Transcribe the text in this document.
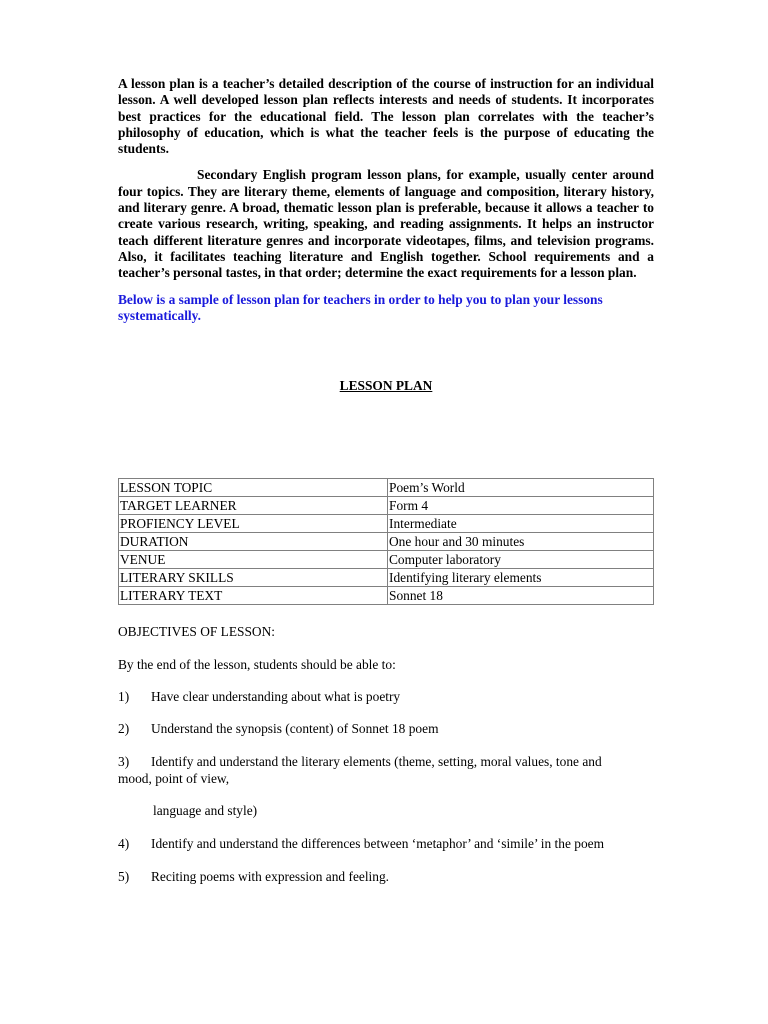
A lesson plan is a teacher’s detailed description of the course of instruction for an individual lesson. A well developed lesson plan reflects interests and needs of students. It incorporates best practices for the educational field. The lesson plan correlates with the teacher’s philosophy of education, which is what the teacher feels is the purpose of educating the students.

Secondary English program lesson plans, for example, usually center around four topics. They are literary theme, elements of language and composition, literary history, and literary genre. A broad, thematic lesson plan is preferable, because it allows a teacher to create various research, writing, speaking, and reading assignments. It helps an instructor teach different literature genres and incorporate videotapes, films, and television programs. Also, it facilitates teaching literature and English together. School requirements and a teacher’s personal tastes, in that order; determine the exact requirements for a lesson plan.

Below is a sample of lesson plan for teachers in order to help you to plan your lessons systematically.

LESSON PLAN
LESSON TOPIC	Poem’s World
TARGET LEARNER	Form 4
PROFIENCY LEVEL	Intermediate
DURATION	One hour and 30 minutes
VENUE	Computer laboratory
LITERARY SKILLS	Identifying literary elements
LITERARY TEXT	Sonnet 18
OBJECTIVES OF LESSON:
By the end of the lesson, students should be able to:
1) Have clear understanding about what is poetry
2) Understand the synopsis (content) of Sonnet 18 poem
3) Identify and understand the literary elements (theme, setting, moral values, tone and mood, point of view,
language and style)
4) Identify and understand the differences between ‘metaphor’ and ‘simile’ in the poem
5) Reciting poems with expression and feeling.
